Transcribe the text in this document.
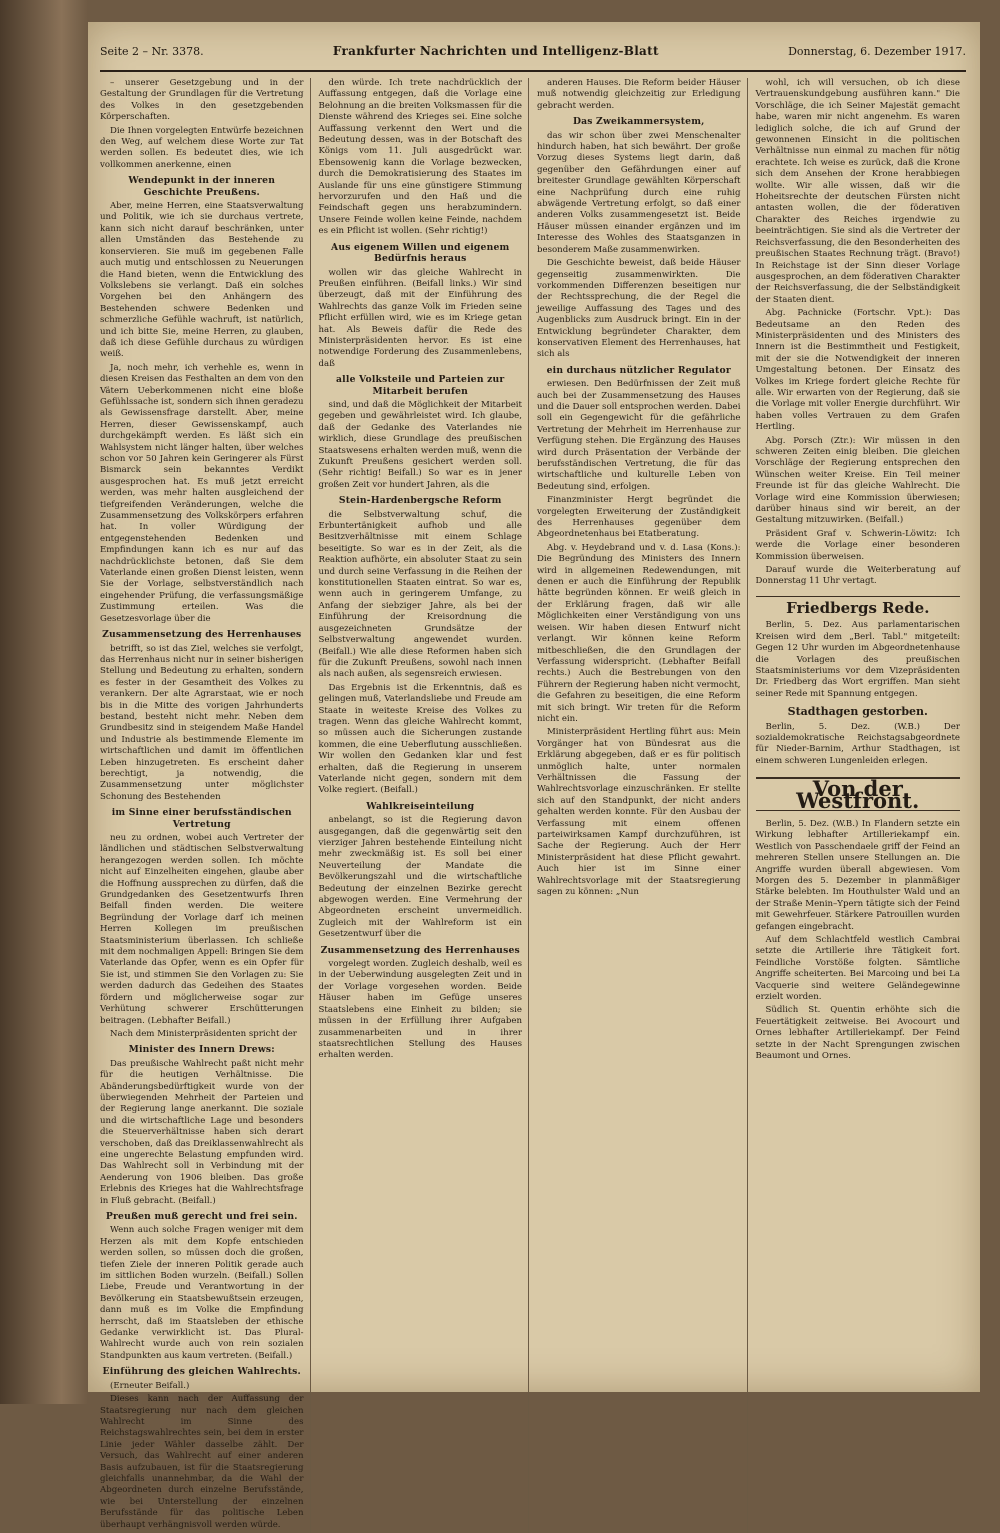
Seite 2 – Nr. 3378.	Frankfurter Nachrichten und Intelligenz-Blatt	Donnerstag, 6. Dezember 1917.

– unserer Gesetzgebung und in der Gestaltung der Grundlagen für die Vertretung des Volkes in den gesetzgebenden Körperschaften.

Die Ihnen vorgelegten Entwürfe bezeichnen den Weg, auf welchem diese Worte zur Tat werden sollen. Es bedeutet dies, wie ich vollkommen anerkenne, einen

Wendepunkt in der inneren Geschichte Preußens.

Aber, meine Herren, eine Staatsverwaltung und Politik, wie ich sie durchaus vertrete, kann sich nicht darauf beschränken, unter allen Umständen das Bestehende zu konservieren. Sie muß im gegebenen Falle auch mutig und entschlossen zu Neuerungen die Hand bieten, wenn die Entwicklung des Volkslebens sie verlangt. Daß ein solches Vorgehen bei den Anhängern des Bestehenden schwere Bedenken und schmerzliche Gefühle wachruft, ist natürlich, und ich bitte Sie, meine Herren, zu glauben, daß ich diese Gefühle durchaus zu würdigen weiß.

Ja, noch mehr, ich verhehle es, wenn in diesen Kreisen das Festhalten an dem von den Vätern Ueberkommenen nicht eine bloße Gefühlssache ist, sondern sich ihnen geradezu als Gewissensfrage darstellt. Aber, meine Herren, dieser Gewissenskampf, auch durchgekämpft werden. Es läßt sich ein Wahlsystem nicht länger halten, über welches schon vor 50 Jahren kein Geringerer als Fürst Bismarck sein bekanntes Verdikt ausgesprochen hat. Es muß jetzt erreicht werden, was mehr halten ausgleichend der tiefgreifenden Veränderungen, welche die Zusammensetzung des Volkskörpers erfahren hat. In voller Würdigung der entgegenstehenden Bedenken und Empfindungen kann ich es nur auf das nachdrücklichste betonen, daß Sie dem Vaterlande einen großen Dienst leisten, wenn Sie der Vorlage, selbstverständlich nach eingehender Prüfung, die verfassungsmäßige Zustimmung erteilen. Was die Gesetzesvorlage über die

Zusammensetzung des Herrenhauses

betrifft, so ist das Ziel, welches sie verfolgt, das Herrenhaus nicht nur in seiner bisherigen Stellung und Bedeutung zu erhalten, sondern es fester in der Gesamtheit des Volkes zu verankern. Der alte Agrarstaat, wie er noch bis in die Mitte des vorigen Jahrhunderts bestand, besteht nicht mehr. Neben dem Grundbesitz sind in steigendem Maße Handel und Industrie als bestimmende Elemente im wirtschaftlichen und damit im öffentlichen Leben hinzugetreten. Es erscheint daher berechtigt, ja notwendig, die Zusammensetzung unter möglichster Schonung des Bestehenden

im Sinne einer berufsständischen Vertretung

neu zu ordnen, wobei auch Vertreter der ländlichen und städtischen Selbstverwaltung herangezogen werden sollen. Ich möchte nicht auf Einzelheiten eingehen, glaube aber die Hoffnung aussprechen zu dürfen, daß die Grundgedanken des Gesetzentwurfs Ihren Beifall finden werden. Die weitere Begründung der Vorlage darf ich meinen Herren Kollegen im preußischen Staatsministerium überlassen. Ich schließe mit dem nochmaligen Appell: Bringen Sie dem Vaterlande das Opfer, wenn es ein Opfer für Sie ist, und stimmen Sie den Vorlagen zu: Sie werden dadurch das Gedeihen des Staates fördern und möglicherweise sogar zur Verhütung schwerer Erschütterungen beitragen. (Lebhafter Beifall.)

Nach dem Ministerpräsidenten spricht der

Minister des Innern Drews:

Das preußische Wahlrecht paßt nicht mehr für die heutigen Verhältnisse. Die Abänderungsbedürftigkeit wurde von der überwiegenden Mehrheit der Parteien und der Regierung lange anerkannt. Die soziale und die wirtschaftliche Lage und besonders die Steuerverhältnisse haben sich derart verschoben, daß das Dreiklassenwahlrecht als eine ungerechte Belastung empfunden wird. Das Wahlrecht soll in Verbindung mit der Aenderung von 1906 bleiben. Das große Erlebnis des Krieges hat die Wahlrechtsfrage in Fluß gebracht. (Beifall.)

Preußen muß gerecht und frei sein.

Wenn auch solche Fragen weniger mit dem Herzen als mit dem Kopfe entschieden werden sollen, so müssen doch die großen, tiefen Ziele der inneren Politik gerade auch im sittlichen Boden wurzeln. (Beifall.) Sollen Liebe, Freude und Verantwortung in der Bevölkerung ein Staatsbewußtsein erzeugen, dann muß es im Volke die Empfindung herrscht, daß im Staatsleben der ethische Gedanke verwirklicht ist. Das Plural-Wahlrecht wurde auch von rein sozialen Standpunkten aus kaum vertreten. (Beifall.)

Einführung des gleichen Wahlrechts.

(Erneuter Beifall.)

Dieses kann nach der Auffassung der Staatsregierung nur nach dem gleichen Wahlrecht im Sinne des Reichstagswahlrechtes sein, bei dem in erster Linie jeder Wähler dasselbe zählt. Der Versuch, das Wahlrecht auf einer anderen Basis aufzubauen, ist für die Staatsregierung gleichfalls unannehmbar, da die Wahl der Abgeordneten durch einzelne Berufsstände, wie bei Unterstellung der einzelnen Berufsstände für das politische Leben überhaupt verhängnisvoll werden würde.

den würde. Ich trete nachdrücklich der Auffassung entgegen, daß die Vorlage eine Belohnung an die breiten Volksmassen für die Dienste während des Krieges sei. Eine solche Auffassung verkennt den Wert und die Bedeutung dessen, was in der Botschaft des Königs vom 11. Juli ausgedrückt war. Ebensowenig kann die Vorlage bezwecken, durch die Demokratisierung des Staates im Auslande für uns eine günstigere Stimmung hervorzurufen und den Haß und die Feindschaft gegen uns herabzumindern. Unsere Feinde wollen keine Feinde, nachdem es ein Pflicht ist wollen. (Sehr richtig!)

Aus eigenem Willen und eigenem Bedürfnis heraus

wollen wir das gleiche Wahlrecht in Preußen einführen. (Beifall links.) Wir sind überzeugt, daß mit der Einführung des Wahlrechts das ganze Volk im Frieden seine Pflicht erfüllen wird, wie es im Kriege getan hat. Als Beweis dafür die Rede des Ministerpräsidenten hervor. Es ist eine notwendige Forderung des Zusammenlebens, daß

alle Volksteile und Parteien zur Mitarbeit berufen

sind, und daß die Möglichkeit der Mitarbeit gegeben und gewährleistet wird. Ich glaube, daß der Gedanke des Vaterlandes nie wirklich, diese Grundlage des preußischen Staatswesens erhalten werden muß, wenn die Zukunft Preußens gesichert werden soll. (Sehr richtig! Beifall.) So war es in jener großen Zeit vor hundert Jahren, als die

Stein-Hardenbergsche Reform

die Selbstverwaltung schuf, die Erbuntertänigkeit aufhob und alle Besitzverhältnisse mit einem Schlage beseitigte. So war es in der Zeit, als die Reaktion aufhörte, ein absoluter Staat zu sein und durch seine Verfassung in die Reihen der konstitutionellen Staaten eintrat. So war es, wenn auch in geringerem Umfange, zu Anfang der siebziger Jahre, als bei der Einführung der Kreisordnung die ausgezeichneten Grundsätze der Selbstverwaltung angewendet wurden. (Beifall.) Wie alle diese Reformen haben sich für die Zukunft Preußens, sowohl nach innen als nach außen, als segensreich erwiesen.

Das Ergebnis ist die Erkenntnis, daß es gelingen muß, Vaterlandsliebe und Freude am Staate in weiteste Kreise des Volkes zu tragen. Wenn das gleiche Wahlrecht kommt, so müssen auch die Sicherungen zustande kommen, die eine Ueberflutung ausschließen. Wir wollen den Gedanken klar und fest erhalten, daß die Regierung in unserem Vaterlande nicht gegen, sondern mit dem Volke regiert. (Beifall.)

Wahlkreiseinteilung

anbelangt, so ist die Regierung davon ausgegangen, daß die gegenwärtig seit den vierziger Jahren bestehende Einteilung nicht mehr zweckmäßig ist. Es soll bei einer Neuverteilung der Mandate die Bevölkerungszahl und die wirtschaftliche Bedeutung der einzelnen Bezirke gerecht abgewogen werden. Eine Vermehrung der Abgeordneten erscheint unvermeidlich. Zugleich mit der Wahlreform ist ein Gesetzentwurf über die

Zusammensetzung des Herrenhauses

vorgelegt worden. Zugleich deshalb, weil es in der Ueberwindung ausgelegten Zeit und in der Vorlage vorgesehen worden. Beide Häuser haben im Gefüge unseres Staatslebens eine Einheit zu bilden; sie müssen in der Erfüllung ihrer Aufgaben zusammenarbeiten und in ihrer staatsrechtlichen Stellung des Hauses erhalten werden.

anderen Hauses. Die Reform beider Häuser muß notwendig gleichzeitig zur Erledigung gebracht werden.

Das Zweikammersystem,

das wir schon über zwei Menschenalter hindurch haben, hat sich bewährt. Der große Vorzug dieses Systems liegt darin, daß gegenüber den Gefährdungen einer auf breitester Grundlage gewählten Körperschaft eine Nachprüfung durch eine ruhig abwägende Vertretung erfolgt, so daß einer anderen Volks zusammengesetzt ist. Beide Häuser müssen einander ergänzen und im Interesse des Wohles des Staatsganzen in besonderem Maße zusammenwirken.

Die Geschichte beweist, daß beide Häuser gegenseitig zusammenwirkten. Die vorkommenden Differenzen beseitigen nur der Rechtssprechung, die der Regel die jeweilige Auffassung des Tages und des Augenblicks zum Ausdruck bringt. Ein in der Entwicklung begründeter Charakter, dem konservativen Element des Herrenhauses, hat sich als

ein durchaus nützlicher Regulator

erwiesen. Den Bedürfnissen der Zeit muß auch bei der Zusammensetzung des Hauses und die Dauer soll entsprochen werden. Dabei soll ein Gegengewicht für die gefährliche Vertretung der Mehrheit im Herrenhause zur Verfügung stehen. Die Ergänzung des Hauses wird durch Präsentation der Verbände der berufsständischen Vertretung, die für das wirtschaftliche und kulturelle Leben von Bedeutung sind, erfolgen.

Finanzminister Hergt begründet die vorgelegten Erweiterung der Zuständigkeit des Herrenhauses gegenüber dem Abgeordnetenhaus bei Etatberatung.

Abg. v. Heydebrand und v. d. Lasa (Kons.): Die Begründung des Ministers des Innern wird in allgemeinen Redewendungen, mit denen er auch die Einführung der Republik hätte begründen können. Er weiß gleich in der Erklärung fragen, daß wir alle Möglichkeiten einer Verständigung von uns weisen. Wir haben diesen Entwurf nicht verlangt. Wir können keine Reform mitbeschließen, die den Grundlagen der Verfassung widerspricht. (Lebhafter Beifall rechts.) Auch die Bestrebungen von den Führern der Regierung haben nicht vermocht, die Gefahren zu beseitigen, die eine Reform mit sich bringt. Wir treten für die Reform nicht ein.

Ministerpräsident Hertling führt aus: Mein Vorgänger hat von Bündesrat aus die Erklärung abgegeben, daß er es für politisch unmöglich halte, unter normalen Verhältnissen die Fassung der Wahlrechtsvorlage einzuschränken. Er stellte sich auf den Standpunkt, der nicht anders gehalten werden konnte. Für den Ausbau der Verfassung mit einem offenen parteiwirksamen Kampf durchzuführen, ist Sache der Regierung. Auch der Herr Ministerpräsident hat diese Pflicht gewahrt. Auch hier ist im Sinne einer Wahlrechtsvorlage mit der Staatsregierung sagen zu können: „Nun

wohl, ich will versuchen, ob ich diese Vertrauenskundgebung ausführen kann." Die Vorschläge, die ich Seiner Majestät gemacht habe, waren mir nicht angenehm. Es waren lediglich solche, die ich auf Grund der gewonnenen Einsicht in die politischen Verhältnisse nun einmal zu machen für nötig erachtete. Ich weise es zurück, daß die Krone sich dem Ansehen der Krone herabbiegen wollte. Wir alle wissen, daß wir die Hoheitsrechte der deutschen Fürsten nicht antasten wollen, die der föderativen Charakter des Reiches irgendwie zu beeinträchtigen. Sie sind als die Vertreter der Reichsverfassung, die den Besonderheiten des preußischen Staates Rechnung trägt. (Bravo!) In Reichstage ist der Sinn dieser Vorlage ausgesprochen, an dem föderativen Charakter der Reichsverfassung, die der Selbständigkeit der Staaten dient.

Abg. Pachnicke (Fortschr. Vpt.): Das Bedeutsame an den Reden des Ministerpräsidenten und des Ministers des Innern ist die Bestimmtheit und Festigkeit, mit der sie die Notwendigkeit der inneren Umgestaltung betonen. Der Einsatz des Volkes im Kriege fordert gleiche Rechte für alle. Wir erwarten von der Regierung, daß sie die Vorlage mit voller Energie durchführt. Wir haben volles Vertrauen zu dem Grafen Hertling.

Abg. Porsch (Ztr.): Wir müssen in den schweren Zeiten einig bleiben. Die gleichen Vorschläge der Regierung entsprechen den Wünschen weiter Kreise. Ein Teil meiner Freunde ist für das gleiche Wahlrecht. Die Vorlage wird eine Kommission überwiesen; darüber hinaus sind wir bereit, an der Gestaltung mitzuwirken. (Beifall.)

Präsident Graf v. Schwerin-Löwitz: Ich werde die Vorlage einer besonderen Kommission überweisen.

Darauf wurde die Weiterberatung auf Donnerstag 11 Uhr vertagt.

Friedbergs Rede.

Berlin, 5. Dez. Aus parlamentarischen Kreisen wird dem „Berl. Tabl." mitgeteilt: Gegen 12 Uhr wurden im Abgeordnetenhause die Vorlagen des preußischen Staatsministeriums vor dem Vizepräsidenten Dr. Friedberg das Wort ergriffen. Man sieht seiner Rede mit Spannung entgegen.

Stadthagen gestorben.

Berlin, 5. Dez. (W.B.) Der sozialdemokratische Reichstagsabgeordnete für Nieder-Barnim, Arthur Stadthagen, ist einem schweren Lungenleiden erlegen.

Von der Westfront.

Berlin, 5. Dez. (W.B.) In Flandern setzte ein Wirkung lebhafter Artilleriekampf ein. Westlich von Passchendaele griff der Feind an mehreren Stellen unsere Stellungen an. Die Angriffe wurden überall abgewiesen. Vom Morgen des 5. Dezember in planmäßiger Stärke belebten. Im Houthulster Wald und an der Straße Menin–Ypern tätigte sich der Feind mit Gewehrfeuer. Stärkere Patrouillen wurden gefangen eingebracht.

Auf dem Schlachtfeld westlich Cambrai setzte die Artillerie ihre Tätigkeit fort. Feindliche Vorstöße folgten. Sämtliche Angriffe scheiterten. Bei Marcoing und bei La Vacquerie sind weitere Geländegewinne erzielt worden.

Südlich St. Quentin erhöhte sich die Feuertätigkeit zeitweise. Bei Avocourt und Ornes lebhafter Artilleriekampf. Der Feind setzte in der Nacht Sprengungen zwischen Beaumont und Ornes.
